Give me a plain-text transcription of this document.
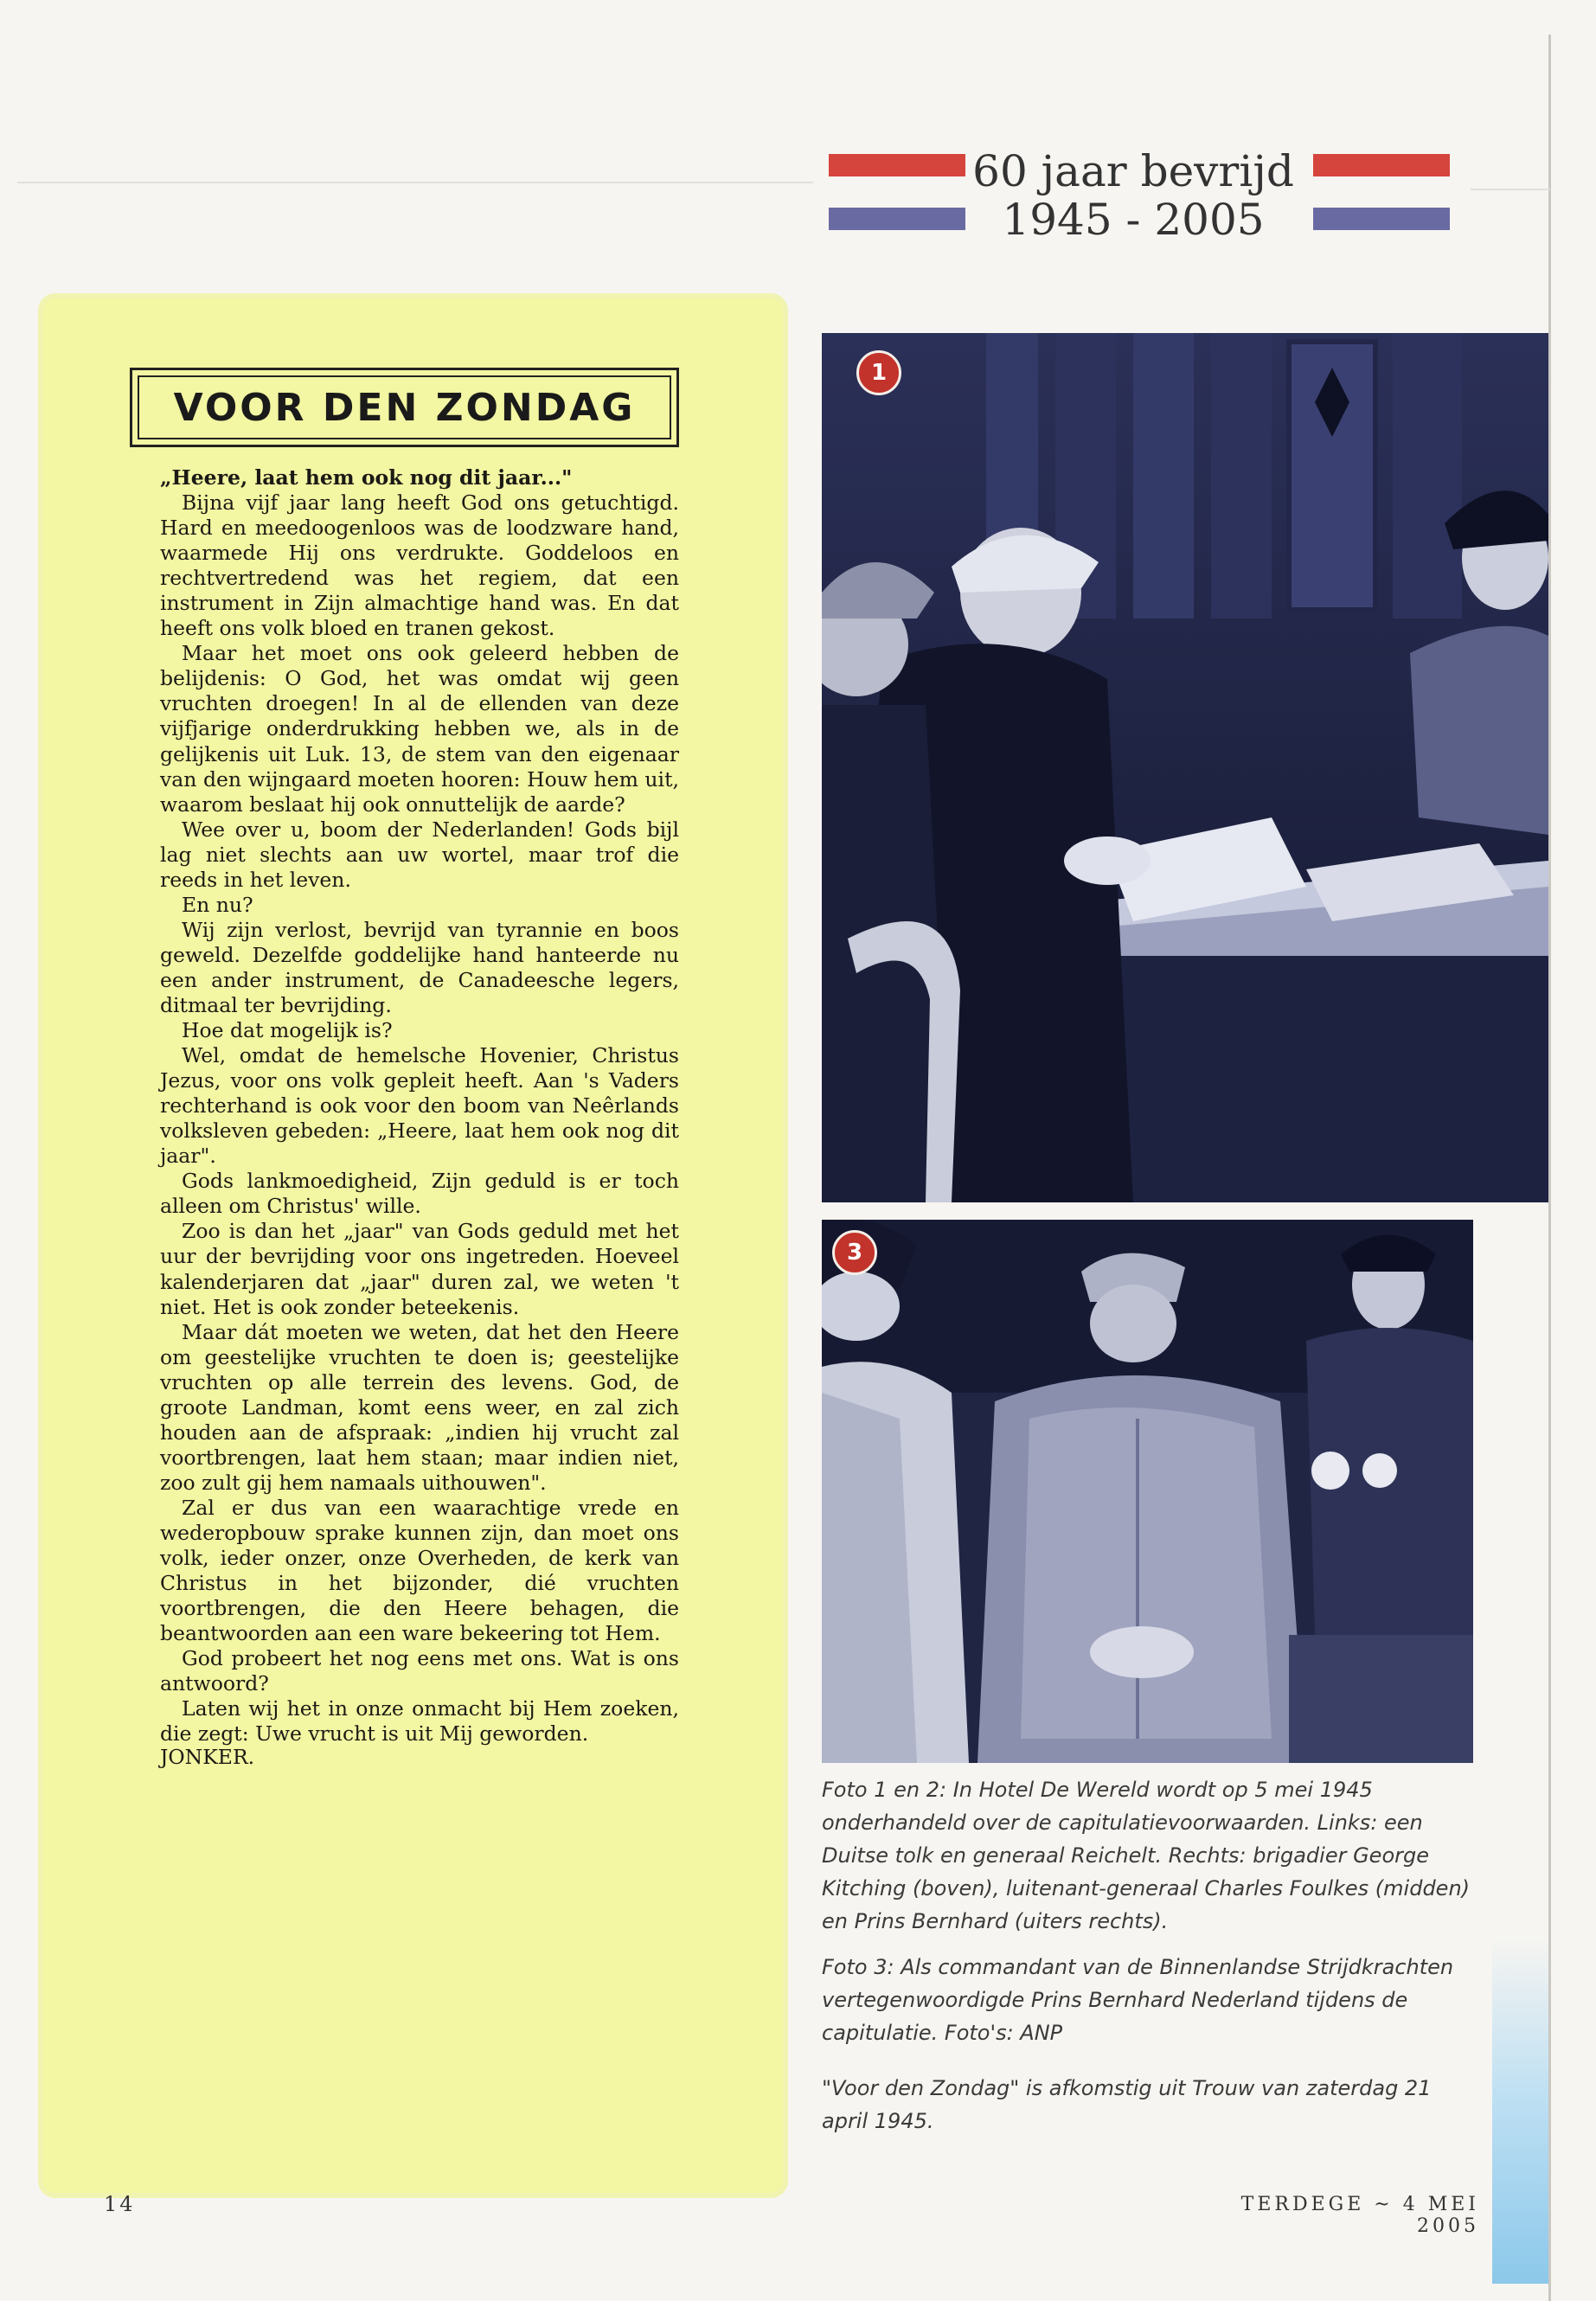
60 jaar bevrijd
1945 - 2005
VOOR DEN ZONDAG

„Heere, laat hem ook nog dit jaar..."

Bijna vijf jaar lang heeft God ons getuchtigd. Hard en meedoogenloos was de loodzware hand, waarmede Hij ons verdrukte. Goddeloos en rechtvertredend was het regiem, dat een instrument in Zijn almachtige hand was. En dat heeft ons volk bloed en tranen gekost.

Maar het moet ons ook geleerd hebben de belijdenis: O God, het was omdat wij geen vruchten droegen! In al de ellenden van deze vijfjarige onderdrukking hebben we, als in de gelijkenis uit Luk. 13, de stem van den eigenaar van den wijngaard moeten hooren: Houw hem uit, waarom beslaat hij ook onnuttelijk de aarde?

Wee over u, boom der Nederlanden! Gods bijl lag niet slechts aan uw wortel, maar trof die reeds in het leven.

En nu?

Wij zijn verlost, bevrijd van tyrannie en boos geweld. Dezelfde goddelijke hand hanteerde nu een ander instrument, de Canadeesche legers, ditmaal ter bevrijding.

Hoe dat mogelijk is?

Wel, omdat de hemelsche Hovenier, Christus Jezus, voor ons volk gepleit heeft. Aan 's Vaders rechterhand is ook voor den boom van Neêrlands volksleven gebeden: „Heere, laat hem ook nog dit jaar".

Gods lankmoedigheid, Zijn geduld is er toch alleen om Christus' wille.

Zoo is dan het „jaar" van Gods geduld met het uur der bevrijding voor ons ingetreden. Hoeveel kalenderjaren dat „jaar" duren zal, we weten 't niet. Het is ook zonder beteekenis.

Maar dát moeten we weten, dat het den Heere om geestelijke vruchten te doen is; geestelijke vruchten op alle terrein des levens. God, de groote Landman, komt eens weer, en zal zich houden aan de afspraak: „indien hij vrucht zal voortbrengen, laat hem staan; maar indien niet, zoo zult gij hem namaals uithouwen".

Zal er dus van een waarachtige vrede en wederopbouw sprake kunnen zijn, dan moet ons volk, ieder onzer, onze Overheden, de kerk van Christus in het bijzonder, dié vruchten voortbrengen, die den Heere behagen, die beantwoorden aan een ware bekeering tot Hem.

God probeert het nog eens met ons. Wat is ons antwoord?

Laten wij het in onze onmacht bij Hem zoeken, die zegt: Uwe vrucht is uit Mij geworden.

JONKER.

1
3

Foto 1 en 2: In Hotel De Wereld wordt op 5 mei 1945 onderhandeld over de capitulatievoorwaarden. Links: een Duitse tolk en generaal Reichelt. Rechts: brigadier George Kitching (boven), luitenant-generaal Charles Foulkes (midden) en Prins Bernhard (uiters rechts).

Foto 3: Als commandant van de Binnenlandse Strijdkrachten vertegenwoordigde Prins Bernhard Nederland tijdens de capitulatie. Foto's: ANP

"Voor den Zondag" is afkomstig uit Trouw van zaterdag 21 april 1945.

14	TERDEGE ~ 4 MEI 2005
